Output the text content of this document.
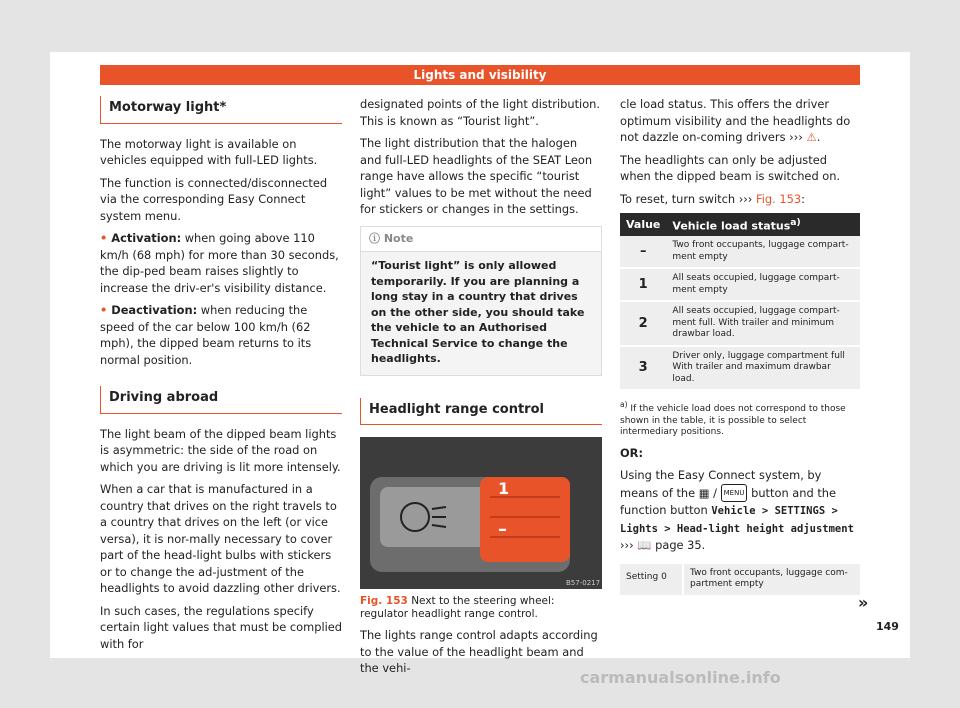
Lights and visibility
Motorway light*

The motorway light is available on vehicles equipped with full-LED lights.

The function is connected/disconnected via the corresponding Easy Connect system menu.

• Activation: when going above 110 km/h (68 mph) for more than 30 seconds, the dip-ped beam raises slightly to increase the driv-er's visibility distance.

• Deactivation: when reducing the speed of the car below 100 km/h (62 mph), the dipped beam returns to its normal position.

Driving abroad

The light beam of the dipped beam lights is asymmetric: the side of the road on which you are driving is lit more intensely.

When a car that is manufactured in a country that drives on the right travels to a country that drives on the left (or vice versa), it is nor-mally necessary to cover part of the head-light bulbs with stickers or to change the ad-justment of the headlights to avoid dazzling other drivers.

In such cases, the regulations specify certain light values that must be complied with for

designated points of the light distribution. This is known as “Tourist light”.

The light distribution that the halogen and full-LED headlights of the SEAT Leon range have allows the specific “tourist light” values to be met without the need for stickers or changes in the settings.

ⓘ Note
“Tourist light” is only allowed temporarily. If you are planning a long stay in a country that drives on the other side, you should take the vehicle to an Authorised Technical Service to change the headlights.
Headlight range control
1
–
B57-0217

Fig. 153 Next to the steering wheel: regulator headlight range control.

The lights range control adapts according to the value of the headlight beam and the vehi-

cle load status. This offers the driver optimum visibility and the headlights do not dazzle on-coming drivers ››› ⚠.

The headlights can only be adjusted when the dipped beam is switched on.

To reset, turn switch ››› Fig. 153:

Value	Vehicle load status$^{a)}$
–	Two front occupants, luggage compart-ment empty
1	All seats occupied, luggage compart-ment empty
2	All seats occupied, luggage compart-ment full. With trailer and minimum drawbar load.
3	Driver only, luggage compartment full With trailer and maximum drawbar load.

$^{a)}$ If the vehicle load does not correspond to those shown in the table, it is possible to select intermediary positions.

OR:

Using the Easy Connect system, by means of the ▦ / MENU button and the function button Vehicle > SETTINGS > Lights > Head-light height adjustment
››› 📖 page 35.

Setting 0	Two front occupants, luggage com-partment empty
»
149
carmanualsonline.info
